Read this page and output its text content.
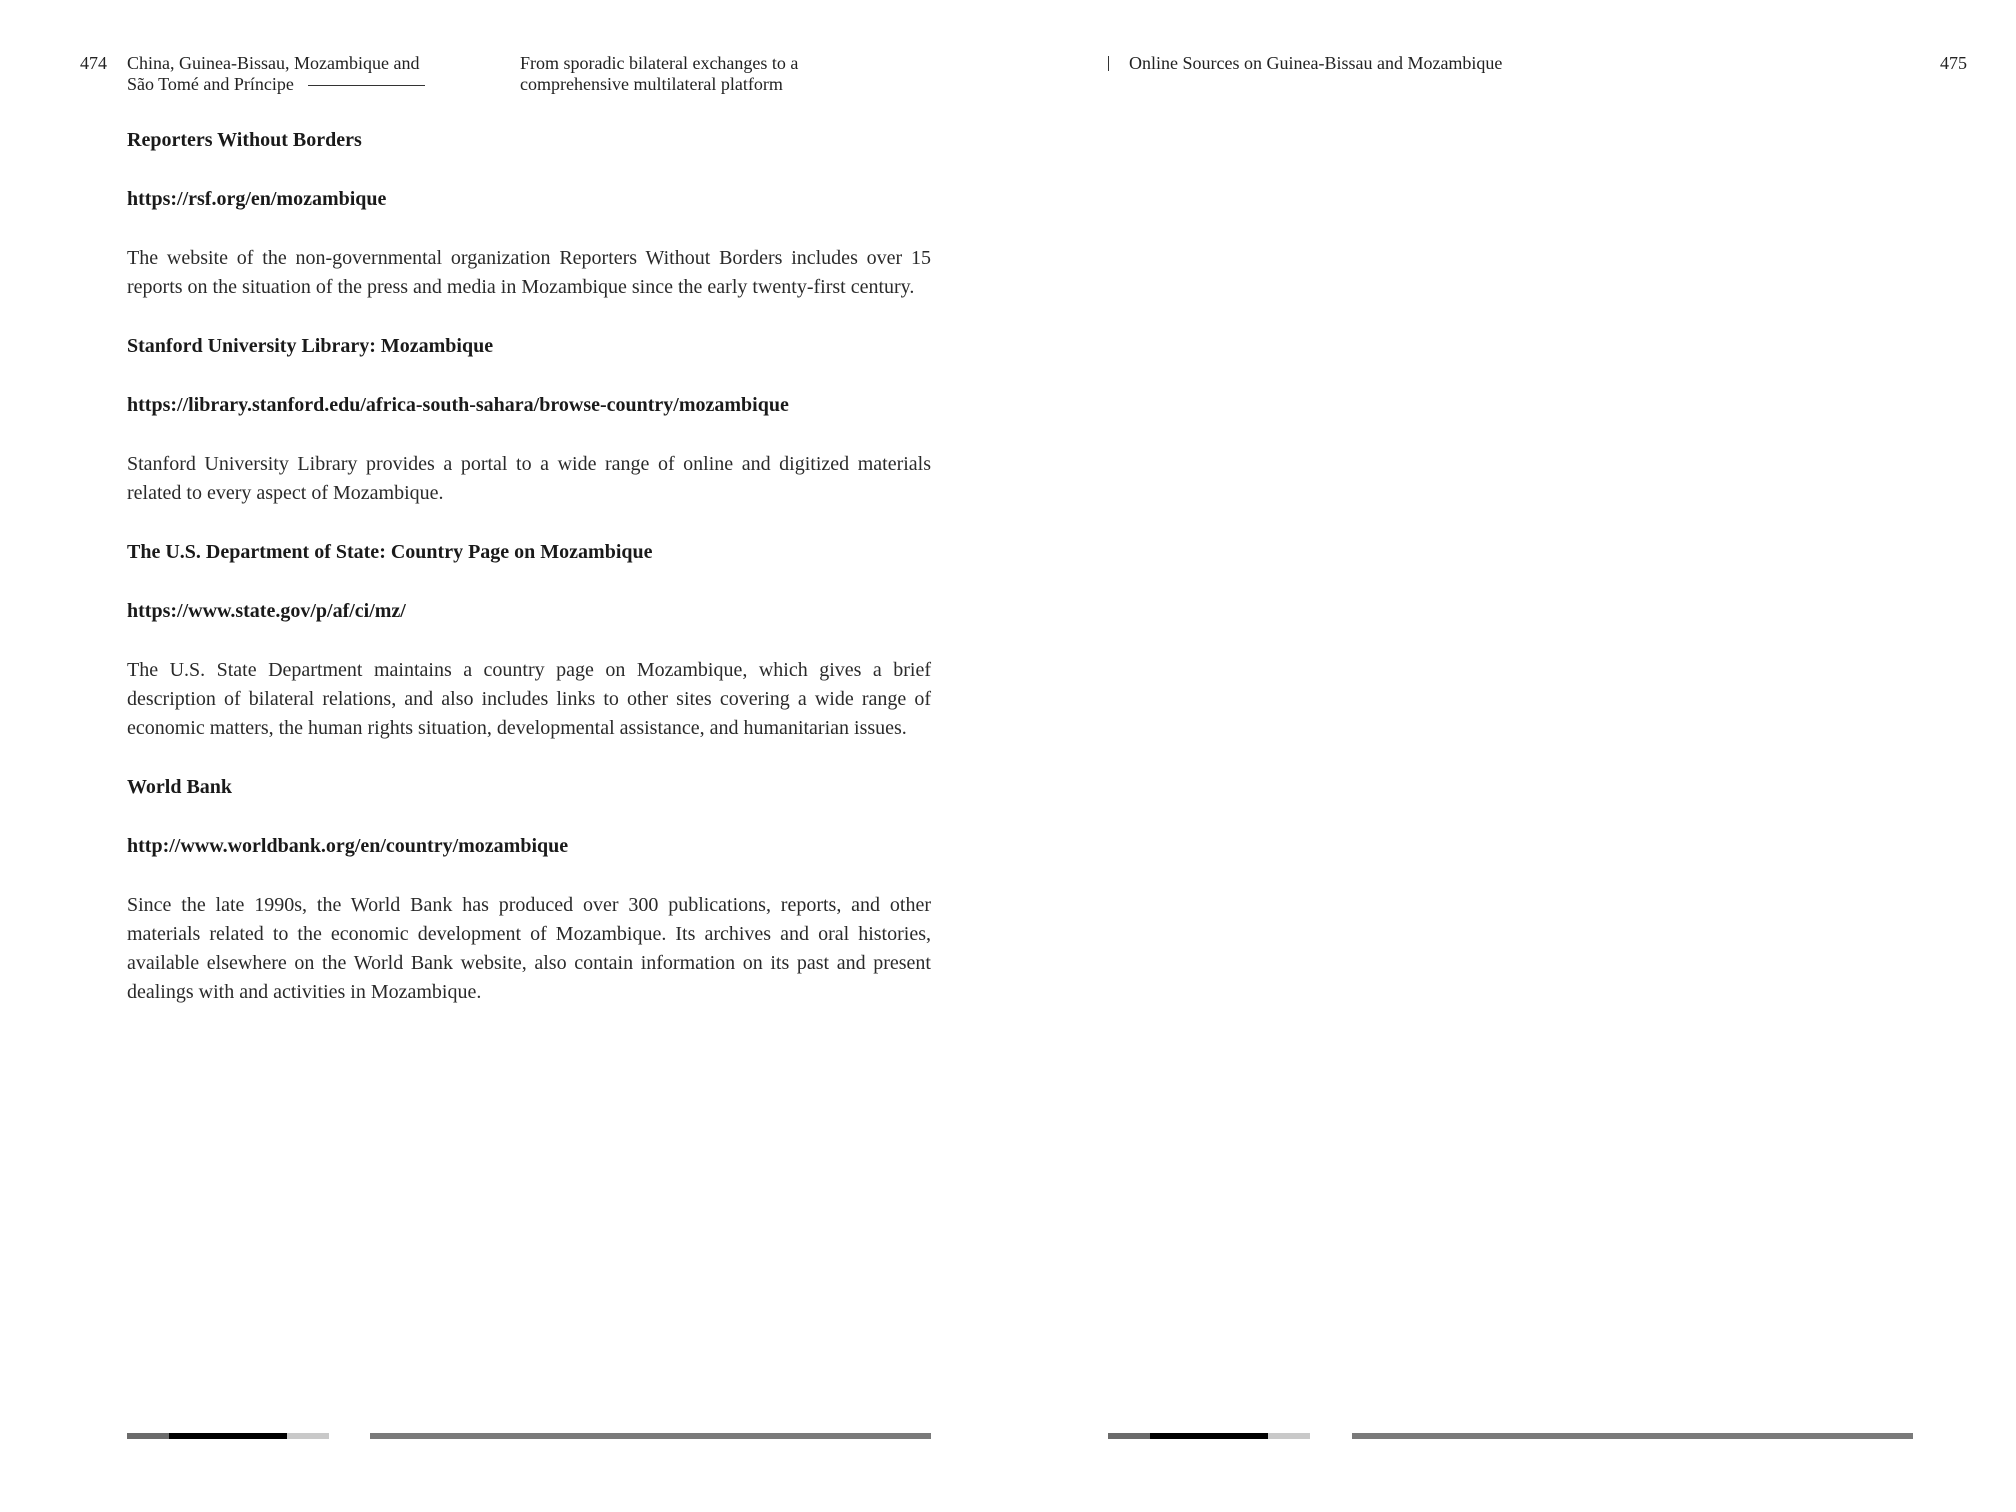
474 China, Guinea-Bissau, Mozambique and
São Tomé and Príncipe
From sporadic bilateral exchanges to a
comprehensive multilateral platform
Online Sources on Guinea-Bissau and Mozambique	475

Reporters Without Borders

https://rsf.org/en/mozambique

The website of the non-governmental organization Reporters Without Borders includes over 15 reports on the situation of the press and media in Mozambique since the early twenty-first century.

Stanford University Library: Mozambique

https://library.stanford.edu/africa-south-sahara/browse-country/mozambique

Stanford University Library provides a portal to a wide range of online and digitized materials related to every aspect of Mozambique.

The U.S. Department of State: Country Page on Mozambique

https://www.state.gov/p/af/ci/mz/

The U.S. State Department maintains a country page on Mozambique, which gives a brief description of bilateral relations, and also includes links to other sites covering a wide range of economic matters, the human rights situation, developmental assistance, and humanitarian issues.

World Bank

http://www.worldbank.org/en/country/mozambique

Since the late 1990s, the World Bank has produced over 300 publications, reports, and other materials related to the economic development of Mozambique. Its archives and oral histories, available elsewhere on the World Bank website, also contain information on its past and present dealings with and activities in Mozambique.
